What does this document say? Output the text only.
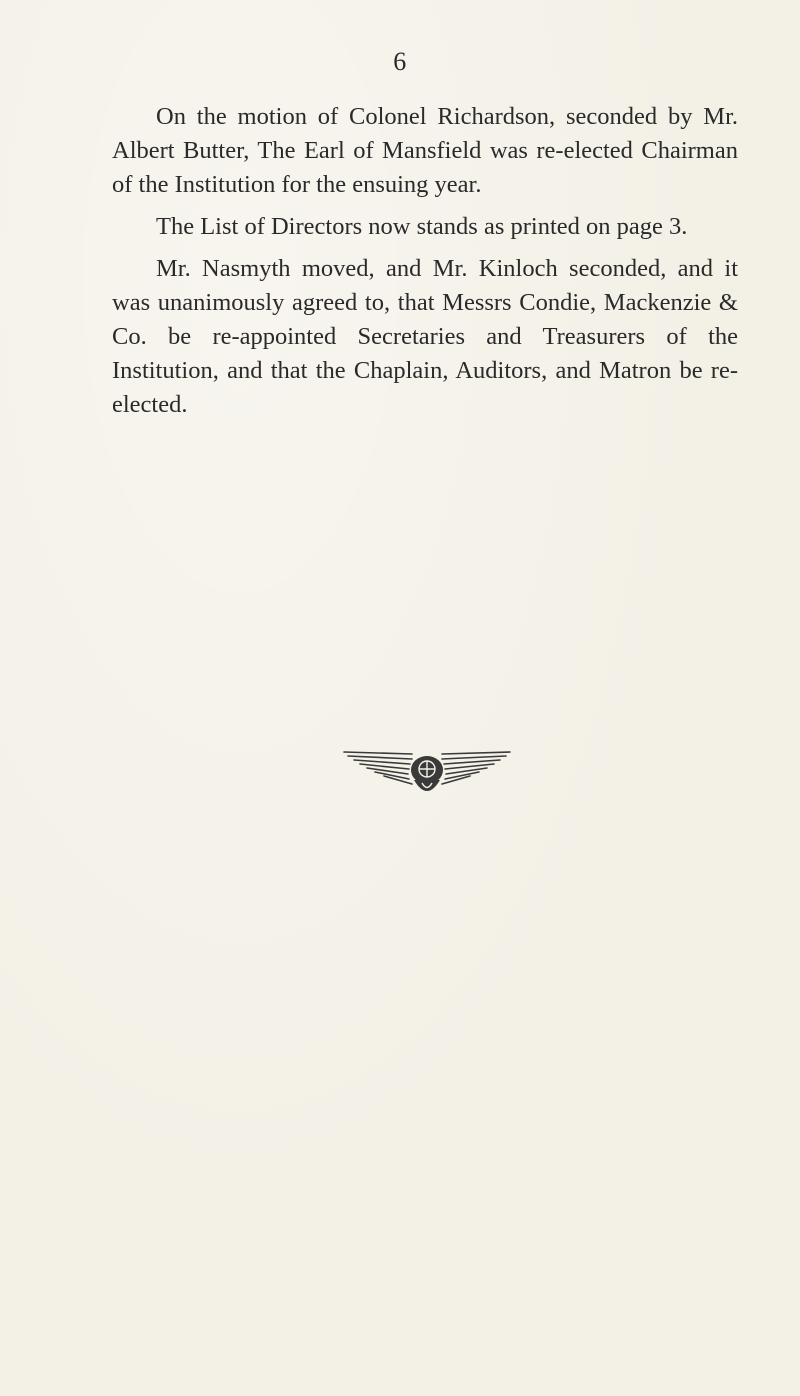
6

On the motion of Colonel Richardson, seconded by Mr. Albert Butter, The Earl of Mansfield was re-elected Chairman of the Institution for the ensuing year.

The List of Directors now stands as printed on page 3.

Mr. Nasmyth moved, and Mr. Kinloch seconded, and it was unanimously agreed to, that Messrs Condie, Mackenzie & Co. be re-appointed Secretaries and Treasurers of the Institution, and that the Chaplain, Auditors, and Matron be re-elected.
